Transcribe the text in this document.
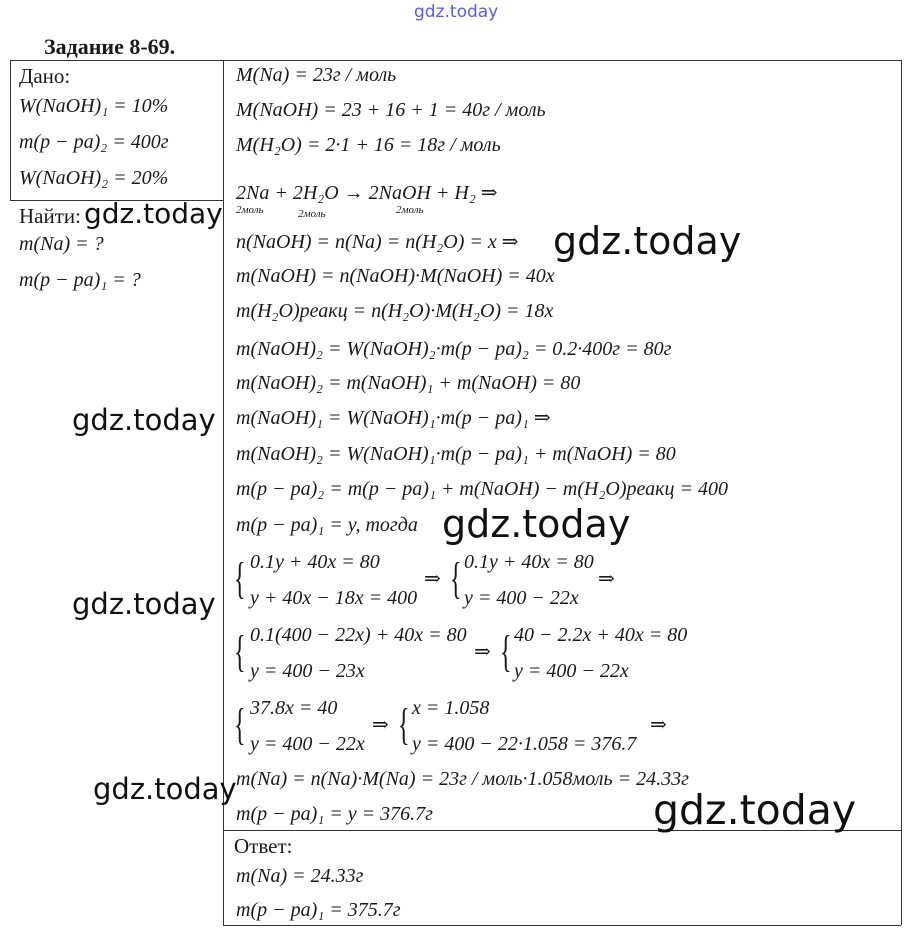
gdz.today
Задание 8-69.
Дано:
W(NaOH)₁ = 10%
m(p − pa)₂ = 400г
W(NaOH)₂ = 20%
Найти:
m(Na) = ?
m(p − pa)₁ = ?
M(Na) = 23г / моль
M(NaOH) = 23 + 16 + 1 = 40г / моль
M(H₂O) = 2·1 + 16 = 18г / моль
2Na + 2H₂O → 2NaOH + H₂ ⇒
2моль	2моль	2моль
n(NaOH) = n(Na) = n(H₂O) = x ⇒
m(NaOH) = n(NaOH)·M(NaOH) = 40x
m(H₂O)реакц = n(H₂O)·M(H₂O) = 18x
m(NaOH)₂ = W(NaOH)₂·m(p − pa)₂ = 0.2·400г = 80г
m(NaOH)₂ = m(NaOH)₁ + m(NaOH) = 80
m(NaOH)₁ = W(NaOH)₁·m(p − pa)₁ ⇒
m(NaOH)₂ = W(NaOH)₁·m(p − pa)₁ + m(NaOH) = 80
m(p − pa)₂ = m(p − pa)₁ + m(NaOH) − m(H₂O)реакц = 400
m(p − pa)₁ = y, тогда
{ 0.1y + 40x = 80
y + 40x − 18x = 400
⇒ { 0.1y + 40x = 80
y = 400 − 22x
⇒
{ 0.1(400 − 22x) + 40x = 80
y = 400 − 23x
⇒ { 40 − 2.2x + 40x = 80
y = 400 − 22x
{ 37.8x = 40
y = 400 − 22x
⇒ { x = 1.058
y = 400 − 22·1.058 = 376.7
⇒
m(Na) = n(Na)·M(Na) = 23г / моль·1.058моль = 24.33г
m(p − pa)₁ = y = 376.7г
Ответ:
m(Na) = 24.33г
m(p − pa)₁ = 375.7г
gdz.today
gdz.today
gdz.today
gdz.today
gdz.today
gdz.today	gdz.today
